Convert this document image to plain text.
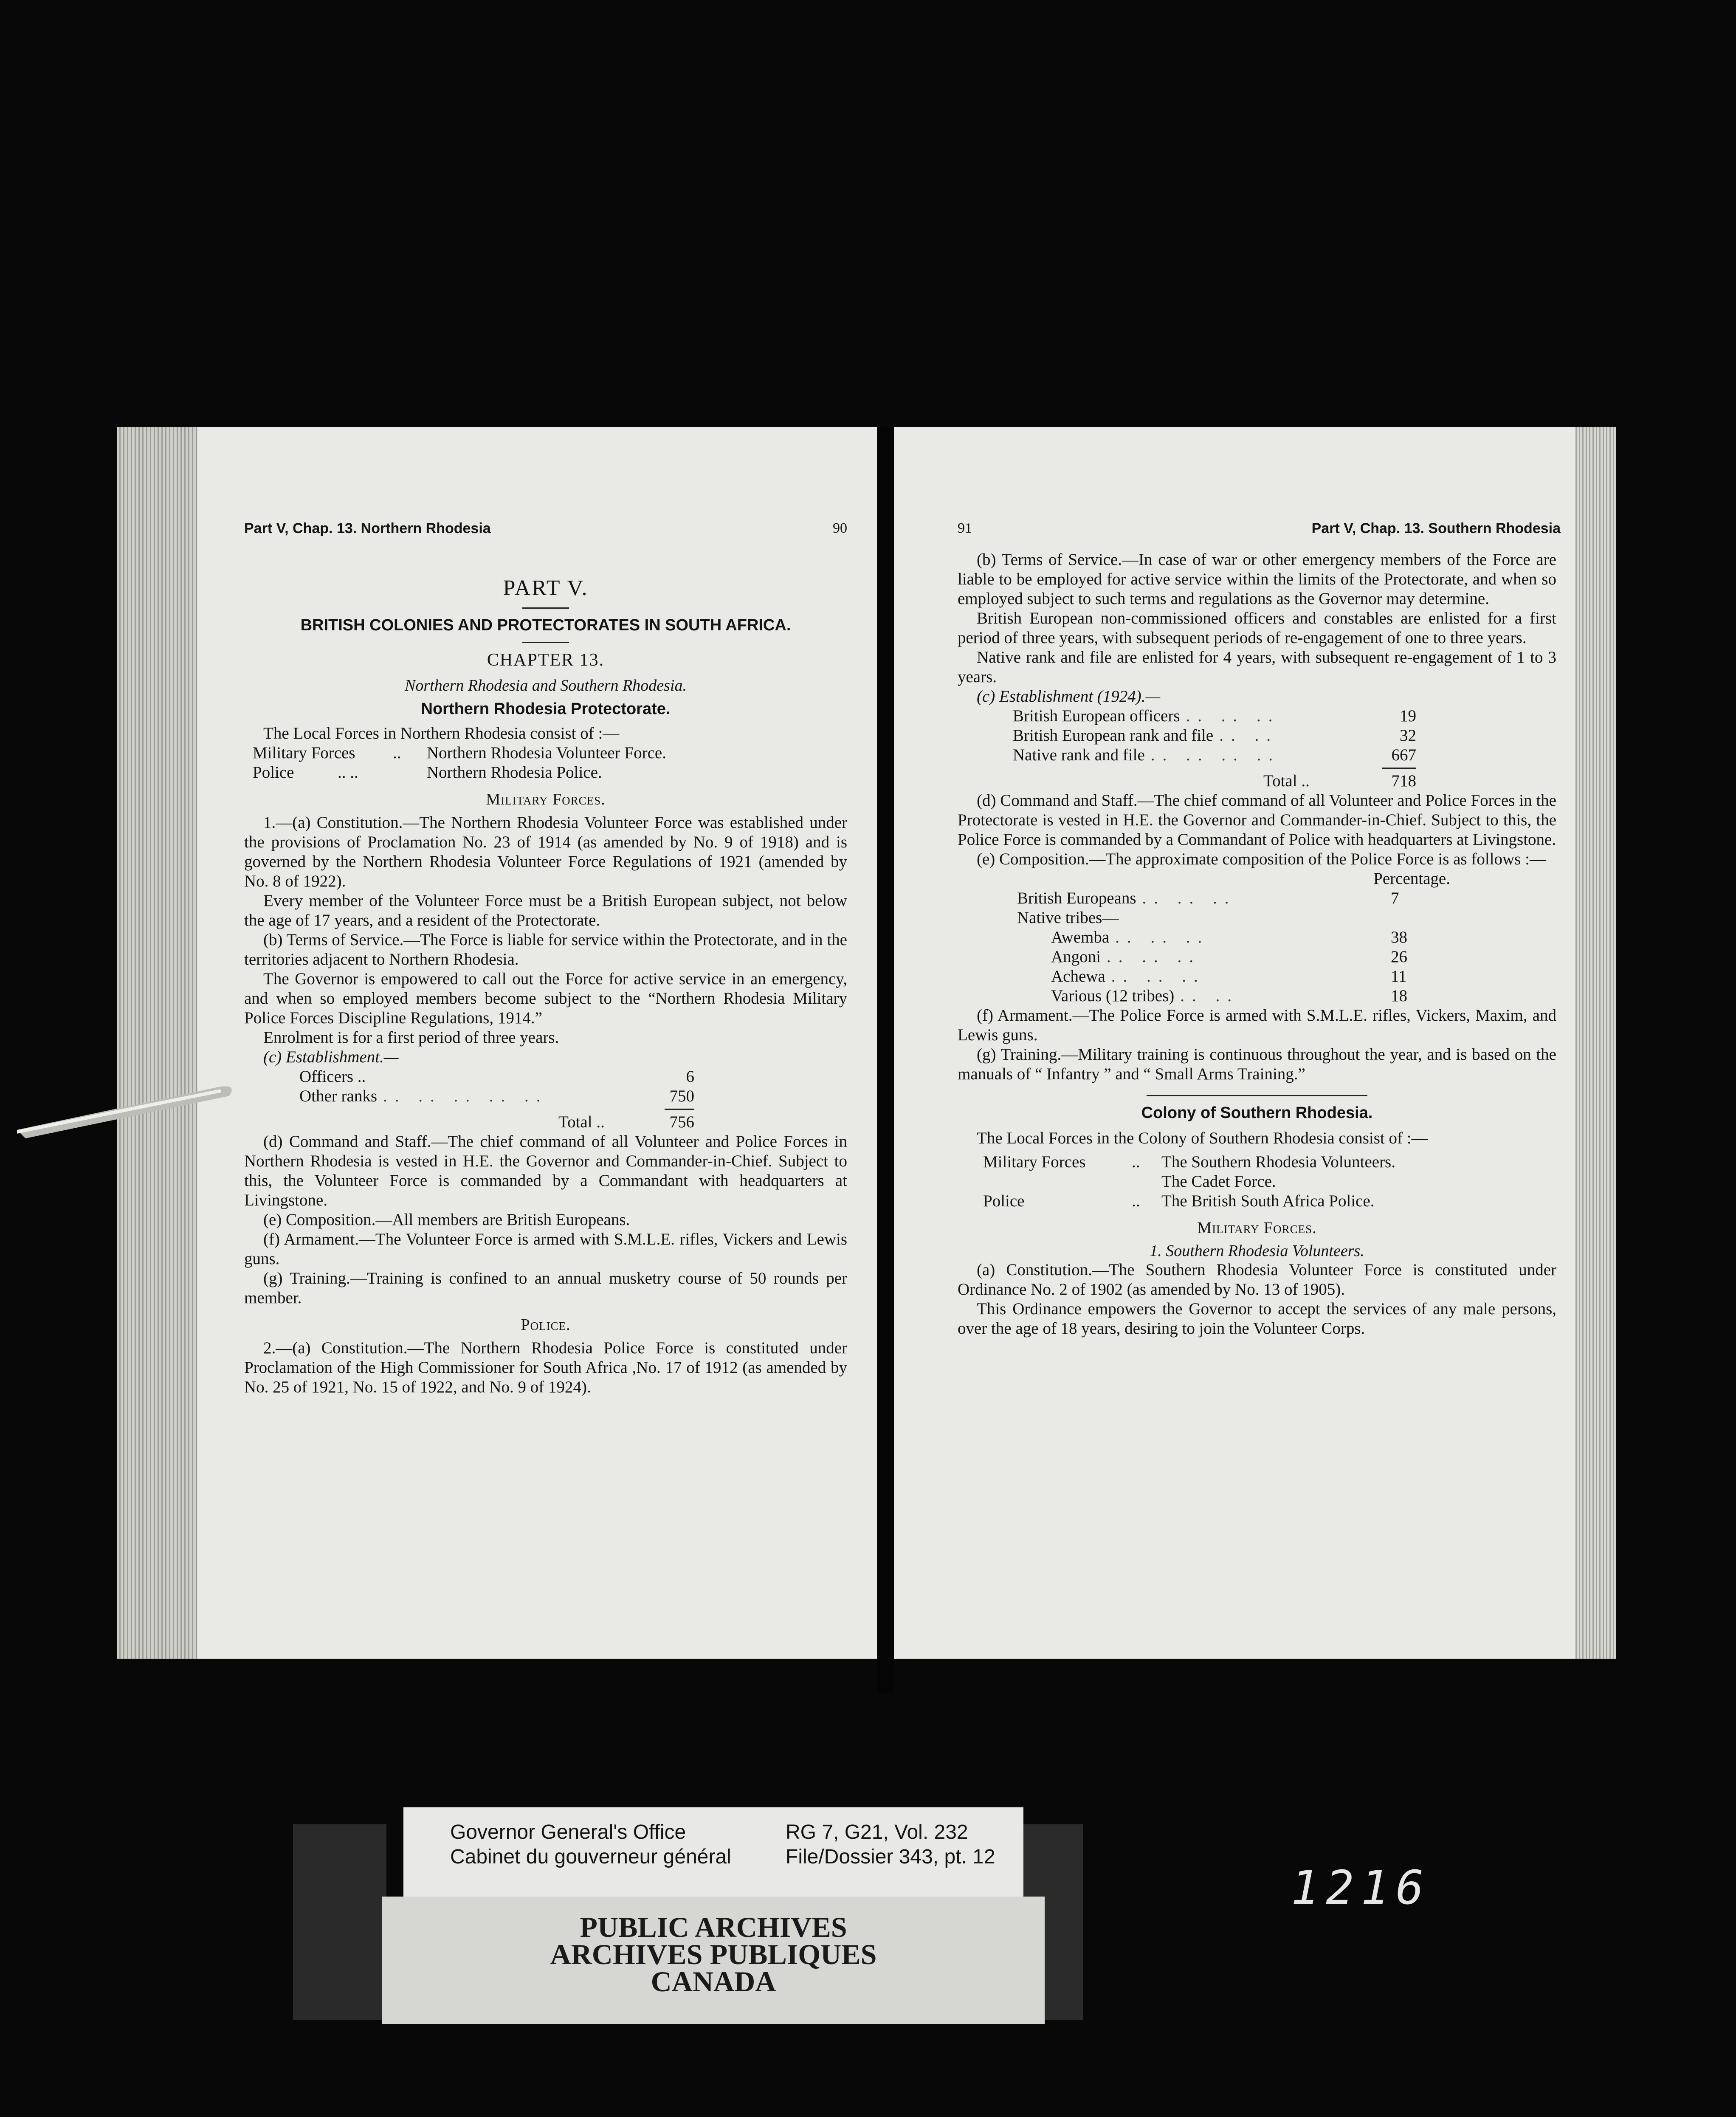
Part V, Chap. 13. Northern Rhodesia	90

PART V.

BRITISH COLONIES AND PROTECTORATES IN SOUTH AFRICA.

CHAPTER 13.

Northern Rhodesia and Southern Rhodesia.

Northern Rhodesia Protectorate.

The Local Forces in Northern Rhodesia consist of :—

Military Forces	..	Northern Rhodesia Volunteer Force.
Police	.. ..	Northern Rhodesia Police.

Military Forces.

1.—(a) Constitution.—The Northern Rhodesia Volunteer Force was established under the provisions of Proclamation No. 23 of 1914 (as amended by No. 9 of 1918) and is governed by the Northern Rhodesia Volunteer Force Regulations of 1921 (amended by No. 8 of 1922).

Every member of the Volunteer Force must be a British European subject, not below the age of 17 years, and a resident of the Protectorate.

(b) Terms of Service.—The Force is liable for service within the Protectorate, and in the territories adjacent to Northern Rhodesia.

The Governor is empowered to call out the Force for active service in an emergency, and when so employed members become subject to the “Northern Rhodesia Military Police Forces Discipline Regulations, 1914.”

Enrolment is for a first period of three years.

(c) Establishment.—

Officers ..	6
Other ranks .. .. .. .. ..	750
Total ..	756

(d) Command and Staff.—The chief command of all Volunteer and Police Forces in Northern Rhodesia is vested in H.E. the Governor and Commander-in-Chief. Subject to this, the Volunteer Force is commanded by a Commandant with headquarters at Livingstone.

(e) Composition.—All members are British Europeans.

(f) Armament.—The Volunteer Force is armed with S.M.L.E. rifles, Vickers and Lewis guns.

(g) Training.—Training is confined to an annual musketry course of 50 rounds per member.

Police.

2.—(a) Constitution.—The Northern Rhodesia Police Force is constituted under Proclamation of the High Commissioner for South Africa ,No. 17 of 1912 (as amended by No. 25 of 1921, No. 15 of 1922, and No. 9 of 1924).

91	Part V, Chap. 13. Southern Rhodesia

(b) Terms of Service.—In case of war or other emergency members of the Force are liable to be employed for active service within the limits of the Protectorate, and when so employed subject to such terms and regulations as the Governor may determine.

British European non-commissioned officers and constables are enlisted for a first period of three years, with subsequent periods of re-engagement of one to three years.

Native rank and file are enlisted for 4 years, with subsequent re-engagement of 1 to 3 years.

(c) Establishment (1924).—

British European officers .. .. ..	19
British European rank and file .. ..	32
Native rank and file .. .. .. ..	667
Total ..	718

(d) Command and Staff.—The chief command of all Volunteer and Police Forces in the Protectorate is vested in H.E. the Governor and Commander-in-Chief. Subject to this, the Police Force is commanded by a Commandant of Police with headquarters at Livingstone.

(e) Composition.—The approximate composition of the Police Force is as follows :—

Percentage.
British Europeans .. .. ..	7
Native tribes—
Awemba .. .. ..	38
Angoni .. .. ..	26
Achewa .. .. ..	11
Various (12 tribes) .. ..	18

(f) Armament.—The Police Force is armed with S.M.L.E. rifles, Vickers, Maxim, and Lewis guns.

(g) Training.—Military training is continuous throughout the year, and is based on the manuals of “ Infantry ” and “ Small Arms Training.”

Colony of Southern Rhodesia.

The Local Forces in the Colony of Southern Rhodesia consist of :—

Military Forces	..	The Southern Rhodesia Volunteers.
The Cadet Force.
Police	..	The British South Africa Police.

Military Forces.

1. Southern Rhodesia Volunteers.

(a) Constitution.—The Southern Rhodesia Volunteer Force is constituted under Ordinance No. 2 of 1902 (as amended by No. 13 of 1905).

This Ordinance empowers the Governor to accept the services of any male persons, over the age of 18 years, desiring to join the Volunteer Corps.

Governor General's Office
Cabinet du gouverneur général
RG 7, G21, Vol. 232
File/Dossier 343, pt. 12
PUBLIC ARCHIVES
ARCHIVES PUBLIQUES
CANADA
1216
